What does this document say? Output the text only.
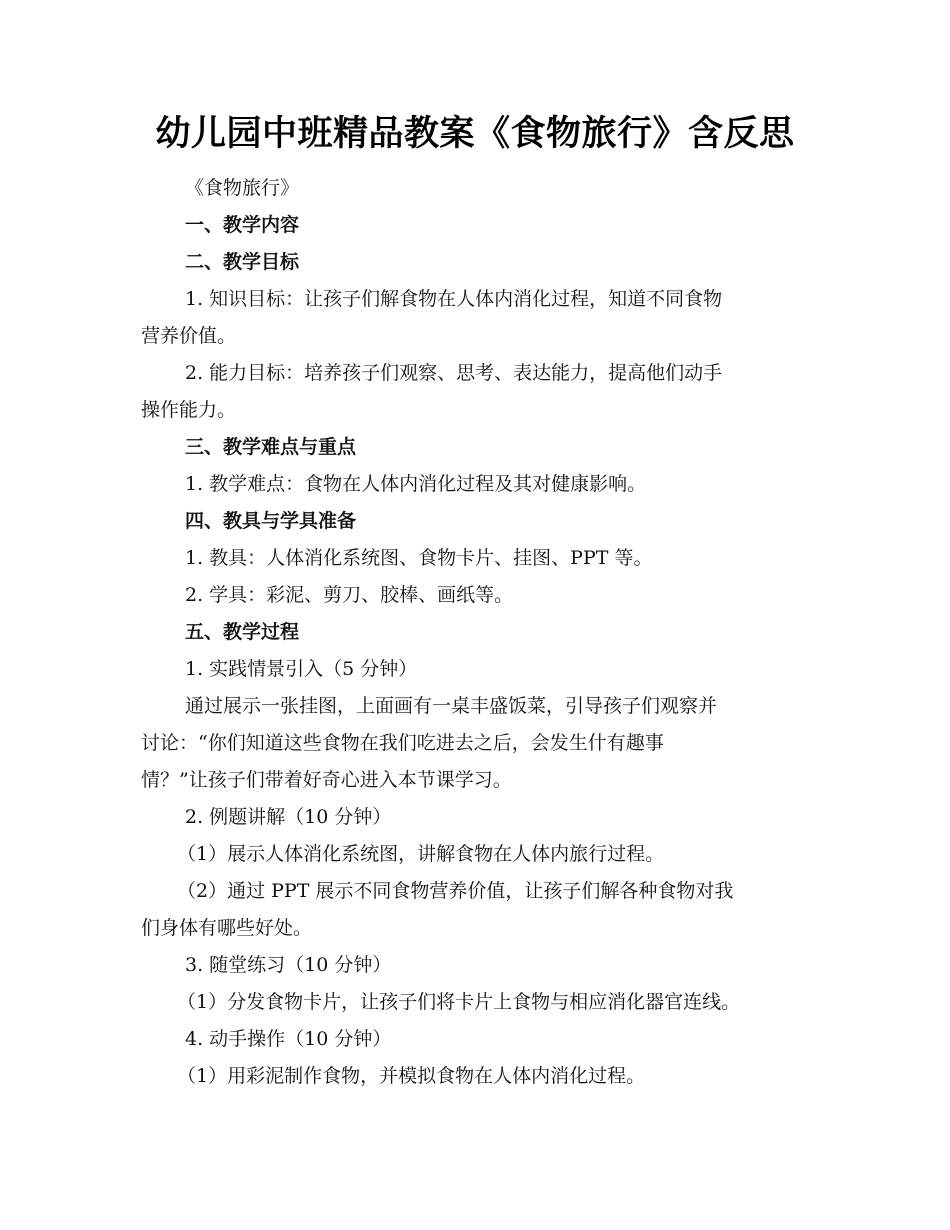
幼儿园中班精品教案《食物旅行》含反思

《食物旅行》

一、教学内容

二、教学目标

1. 知识目标：让孩子们解食物在人体内消化过程，知道不同食物

营养价值。

2. 能力目标：培养孩子们观察、思考、表达能力，提高他们动手

操作能力。

三、教学难点与重点

1. 教学难点：食物在人体内消化过程及其对健康影响。

四、教具与学具准备

1. 教具：人体消化系统图、食物卡片、挂图、PPT 等。

2. 学具：彩泥、剪刀、胶棒、画纸等。

五、教学过程

1. 实践情景引入（5 分钟）

通过展示一张挂图，上面画有一桌丰盛饭菜，引导孩子们观察并

讨论：“你们知道这些食物在我们吃进去之后，会发生什有趣事

情？”让孩子们带着好奇心进入本节课学习。

2. 例题讲解（10 分钟）

（1）展示人体消化系统图，讲解食物在人体内旅行过程。

（2）通过 PPT 展示不同食物营养价值，让孩子们解各种食物对我

们身体有哪些好处。

3. 随堂练习（10 分钟）

（1）分发食物卡片，让孩子们将卡片上食物与相应消化器官连线。

4. 动手操作（10 分钟）

（1）用彩泥制作食物，并模拟食物在人体内消化过程。
